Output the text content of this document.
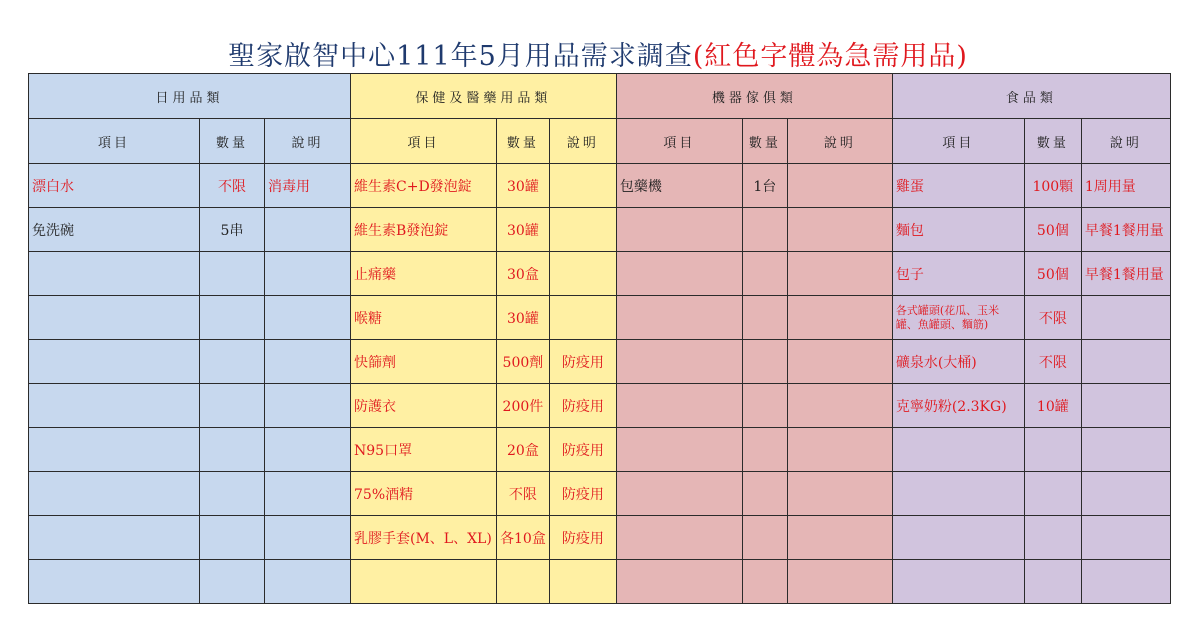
聖家啟智中心111年5月用品需求調查(紅色字體為急需用品)
日用品類			保健及醫藥用品類			機器傢俱類			食品類		
項目	數量	說明	項目	數量	說明	項目	數量	說明	項目	數量	說明
漂白水	不限	消毒用	維生素C+D發泡錠	30罐		包藥機	1台		雞蛋	100顆	1周用量
免洗碗	5串		維生素B發泡錠	30罐					麵包	50個	早餐1餐用量
			止痛藥	30盒					包子	50個	早餐1餐用量
			喉糖	30罐					各式罐頭(花瓜、玉米罐、魚罐頭、麵筋)	不限	
			快篩劑	500劑	防疫用				礦泉水(大桶)	不限	
			防護衣	200件	防疫用				克寧奶粉(2.3KG)	10罐	
			N95口罩	20盒	防疫用						
			75%酒精	不限	防疫用						
			乳膠手套(M、L、XL)	各10盒	防疫用						
